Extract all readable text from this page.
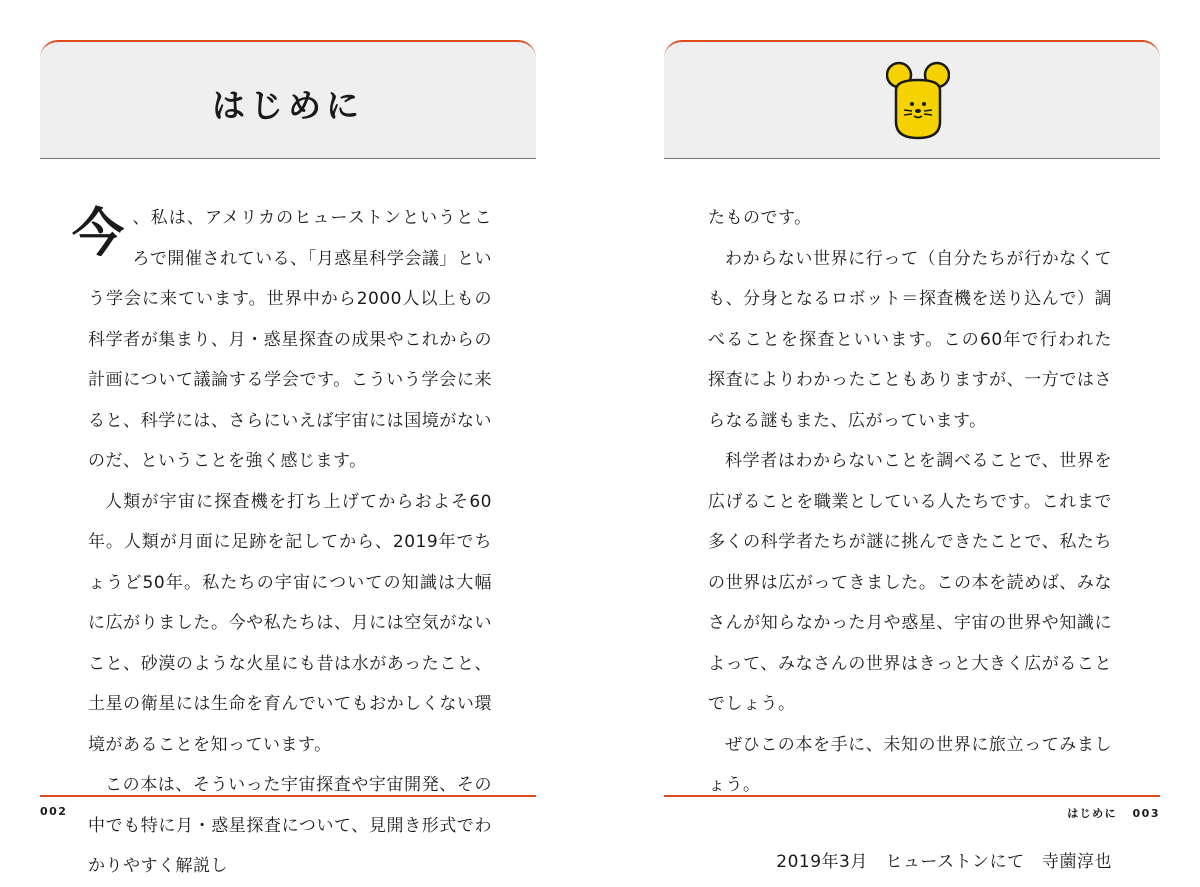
はじめに

今 、私は、アメリカのヒューストンというところで開催されている、「月惑星科学会議」という学会に来ています。世界中から2000人以上もの科学者が集まり、月・惑星探査の成果やこれからの計画について議論する学会です。こういう学会に来ると、科学には、さらにいえば宇宙には国境がないのだ、ということを強く感じます。

人類が宇宙に探査機を打ち上げてからおよそ60年。人類が月面に足跡を記してから、2019年でちょうど50年。私たちの宇宙についての知識は大幅に広がりました。今や私たちは、月には空気がないこと、砂漠のような火星にも昔は水があったこと、土星の衛星には生命を育んでいてもおかしくない環境があることを知っています。

この本は、そういった宇宙探査や宇宙開発、その中でも特に月・惑星探査について、見開き形式でわかりやすく解説し

002

たものです。

わからない世界に行って（自分たちが行かなくても、分身となるロボット＝探査機を送り込んで）調べることを探査といいます。この60年で行われた探査によりわかったこともありますが、一方ではさらなる謎もまた、広がっています。

科学者はわからないことを調べることで、世界を広げることを職業としている人たちです。これまで多くの科学者たちが謎に挑んできたことで、私たちの世界は広がってきました。この本を読めば、みなさんが知らなかった月や惑星、宇宙の世界や知識によって、みなさんの世界はきっと大きく広がることでしょう。

ぜひこの本を手に、未知の世界に旅立ってみましょう。

2019年3月　ヒューストンにて　寺薗淳也

はじめに 003
